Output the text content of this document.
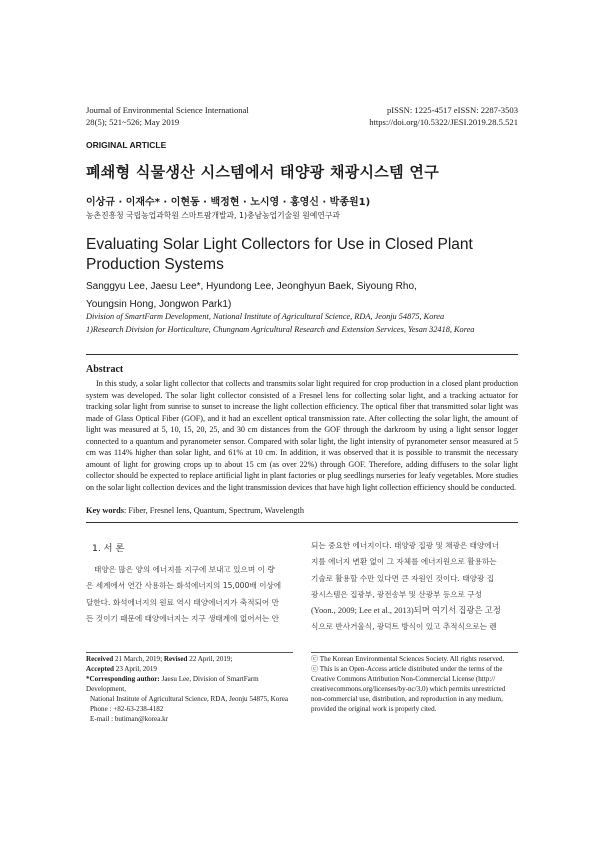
Journal of Environmental Science International
28(5); 521~526; May 2019
pISSN: 1225-4517 eISSN: 2287-3503
https://doi.org/10.5322/JESI.2019.28.5.521
ORIGINAL ARTICLE
폐쇄형 식물생산 시스템에서 태양광 채광시스템 연구
이상규 · 이재수* · 이현동 · 백정현 · 노시영 · 홍영신 · 박종원1)
농촌진흥청 국립농업과학원 스마트팜개발과, 1)충남농업기술원 원예연구과
Evaluating Solar Light Collectors for Use in Closed Plant
Production Systems
Sanggyu Lee, Jaesu Lee*, Hyundong Lee, Jeonghyun Baek, Siyoung Rho,
Youngsin Hong, Jongwon Park1)
Division of SmartFarm Development, National Institute of Agricultural Science, RDA, Jeonju 54875, Korea
1)Research Division for Horticulture, Chungnam Agricultural Research and Extension Services, Yesan 32418, Korea
Abstract
In this study, a solar light collector that collects and transmits solar light required for crop production in a closed plant production system was developed. The solar light collector consisted of a Fresnel lens for collecting solar light, and a tracking actuator for tracking solar light from sunrise to sunset to increase the light collection efficiency. The optical fiber that transmitted solar light was made of Glass Optical Fiber (GOF), and it had an excellent optical transmission rate. After collecting the solar light, the amount of light was measured at 5, 10, 15, 20, 25, and 30 cm distances from the GOF through the darkroom by using a light sensor logger connected to a quantum and pyranometer sensor. Compared with solar light, the light intensity of pyranometer sensor measured at 5 cm was 114% higher than solar light, and 61% at 10 cm. In addition, it was observed that it is possible to transmit the necessary amount of light for growing crops up to about 15 cm (as over 22%) through GOF. Therefore, adding diffusers to the solar light collector should be expected to replace artificial light in plant factories or plug seedlings nurseries for leafy vegetables. More studies on the solar light collection devices and the light transmission devices that have high light collection efficiency should be conducted.
Key words: Fiber, Fresnel lens, Quantum, Spectrum, Wavelength
1. 서 론
태양은 많은 양의 에너지를 지구에 보내고 있으며 이 량
은 세계에서 연간 사용하는 화석에너지의 15,000배 이상에
달한다. 화석에너지의 원료 역시 태양에너지가 축적되어 만
든 것이기 때문에 태양에너지는 지구 생태계에 없어서는 안
되는 중요한 에너지이다. 태양광 집광 및 채광은 태양에너
지를 에너지 변환 없이 그 자체를 에너지원으로 활용하는
기술로 활용할 수만 있다면 큰 자원인 것이다. 태양광 집
광시스템은 집광부, 광전송부 및 산광부 등으로 구성
(Yoon., 2009; Lee et al., 2013)되며 여기서 집광은 고정
식으로 반사거울식, 광덕트 방식이 있고 추적식으로는 렌
Received 21 March, 2019; Revised 22 April, 2019;
Accepted 23 April, 2019
*Corresponding author: Jaesu Lee, Division of SmartFarm Development,
National Institute of Agricultural Science, RDA, Jeonju 54875, Korea
Phone : +82-63-238-4182
E-mail : butiman@korea.kr
ⓒ The Korean Environmental Sciences Society. All rights reserved.
ⓒ This is an Open-Access article distributed under the terms of the
Creative Commons Attribution Non-Commercial License (http://
creativecommons.org/licenses/by-nc/3.0) which permits unrestricted
non-commercial use, distribution, and reproduction in any medium,
provided the original work is properly cited.
